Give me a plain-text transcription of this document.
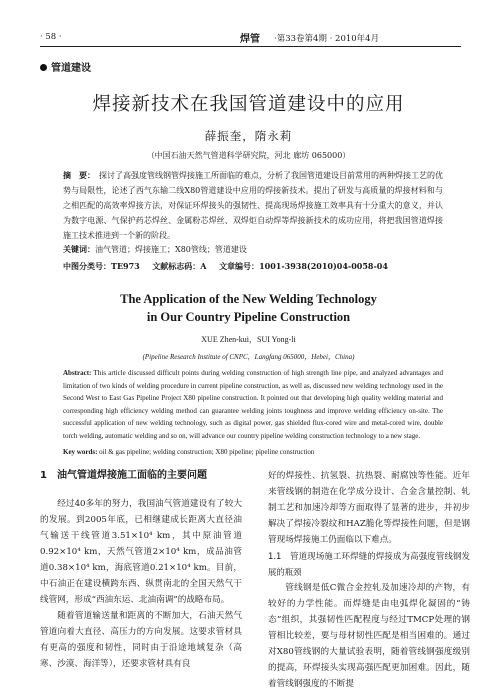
· 58 ·	焊管 ·第33卷第4期 · 2010年4月
管道建设
焊接新技术在我国管道建设中的应用
薛振奎，隋永莉
（中国石油天然气管道科学研究院，河北 廊坊 065000）
摘　要： 探讨了高强度管线钢管焊接施工所面临的难点，分析了我国管道建设目前常用的两种焊接工艺的优势与局限性，论述了西气东输二线X80管道建设中应用的焊接新技术。提出了研发与高质量的焊接材料和与之相匹配的高效率焊接方法，对保证环焊接头的强韧性、提高现场焊接施工效率具有十分重大的意义，并认为数字电源、气保护药芯焊丝、金属粉芯焊丝、双焊炬自动焊等焊接新技术的成功应用，将把我国管道焊接施工技术推进到一个新的阶段。
关键词：油气管道；焊接施工；X80管线；管道建设
中图分类号：TE973 文献标志码：A 文章编号：1001-3938(2010)04-0058-04
The Application of the New Welding Technology
in Our Country Pipeline Construction
XUE Zhen-kui，SUI Yong-li
(Pipeline Research Institute of CNPC，Langfang 065000，Hebei，China)
Abstract: This article discussed difficult points during welding construction of high strength line pipe, and analyzed advantages and limitation of two kinds of welding procedure in current pipeline construction, as well as, discussed new welding technology used in the Second West to East Gas Pipeline Project X80 pipeline construction. It pointed out that developing high quality welding material and corresponding high efficiency welding method can guarantee welding joints toughness and improve welding efficiency on-site. The successful application of new welding technology, such as digital power, gas shielded flux-cored wire and metal-cored wire, double torch welding, automatic welding and so on, will advance our country pipeline welding construction technology to a new stage.
Key words: oil & gas pipeline; welding construction; X80 pipeline; pipeline construction
1　油气管道焊接施工面临的主要问题

经过40多年的努力，我国油气管道建设有了较大的发展。到2005年底，已相继建成长距离大直径油气输送干线管道3.51×10⁴ km，其中原油管道0.92×10⁴ km，天然气管道2×10⁴ km，成品油管道0.38×10⁴ km，海底管道0.21×10⁴ km。目前，中石油正在建设横跨东西、纵贯南北的全国天然气干线管网，形成“西油东运、北油南调”的战略布局。

随着管道输送量和距离的不断加大，石油天然气管道向着大直径、高压力的方向发展。这要求管材具有更高的强度和韧性，同时由于沿途地域复杂（高寒、沙漠、海洋等），还要求管材具有良

好的焊接性、抗氢裂、抗热裂、耐腐蚀等性能。近年来管线钢的制造在化学成分设计、合金含量控制、轧制工艺和加速冷却等方面取得了显著的进步，并初步解决了焊接冷裂纹和HAZ脆化等焊接性问题，但是钢管现场焊接施工仍面临以下难点。

1.1　管道现场施工环焊缝的焊接成为高强度管线钢发展的瓶颈

管线钢是低C微合金控轧及加速冷却的产物，有较好的力学性能。而焊缝是由电弧焊化凝固的“铸态”组织，其强韧性匹配程度与经过TMCP处理的钢管相比较差，要与母材韧性匹配是相当困难的。通过对X80管线钢的大量试验表明，随着管线钢强度级别的提高，环焊接头实现高强匹配更加困难。因此，随着管线钢强度的不断提
